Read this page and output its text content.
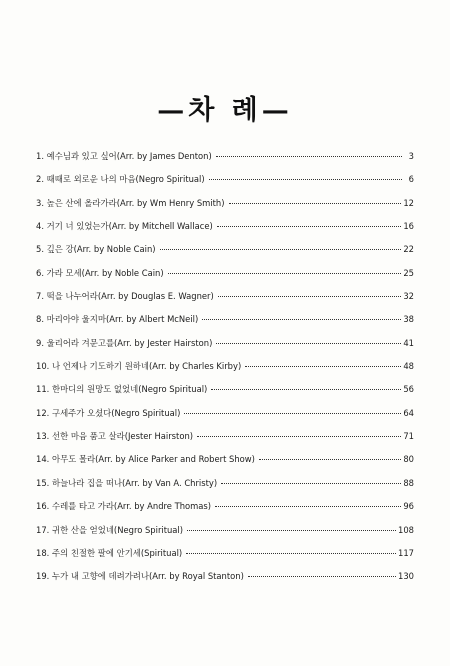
—차 례—
1. 예수님과 있고 싶어(Arr. by James Denton)	3
2. 때때로 외로운 나의 마음(Negro Spiritual)	6
3. 높은 산에 올라가라(Arr. by Wm Henry Smith)	12
4. 거기 너 있었는가(Arr. by Mitchell Wallace)	16
5. 깊은 강(Arr. by Noble Cain)	22
6. 가라 모세(Arr. by Noble Cain)	25
7. 떡을 나누어라(Arr. by Douglas E. Wagner)	32
8. 마리아야 울지마(Arr. by Albert McNeil)	38
9. 울리어라 겨문고를(Arr. by Jester Hairston)	41
10. 나 언제나 기도하기 원하네(Arr. by Charles Kirby)	48
11. 한마디의 원망도 없었네(Negro Spiritual)	56
12. 구세주가 오셨다(Negro Spiritual)	64
13. 선한 마음 품고 살라(Jester Hairston)	71
14. 아무도 몰라(Arr. by Alice Parker and Robert Show)	80
15. 하늘나라 집을 떠나(Arr. by Van A. Christy)	88
16. 수레를 타고 가라(Arr. by Andre Thomas)	96
17. 귀한 산을 얻었네(Negro Spiritual)	108
18. 주의 친절한 팔에 안기세(Spiritual)	117
19. 누가 내 고향에 데려가려나(Arr. by Royal Stanton)	130
